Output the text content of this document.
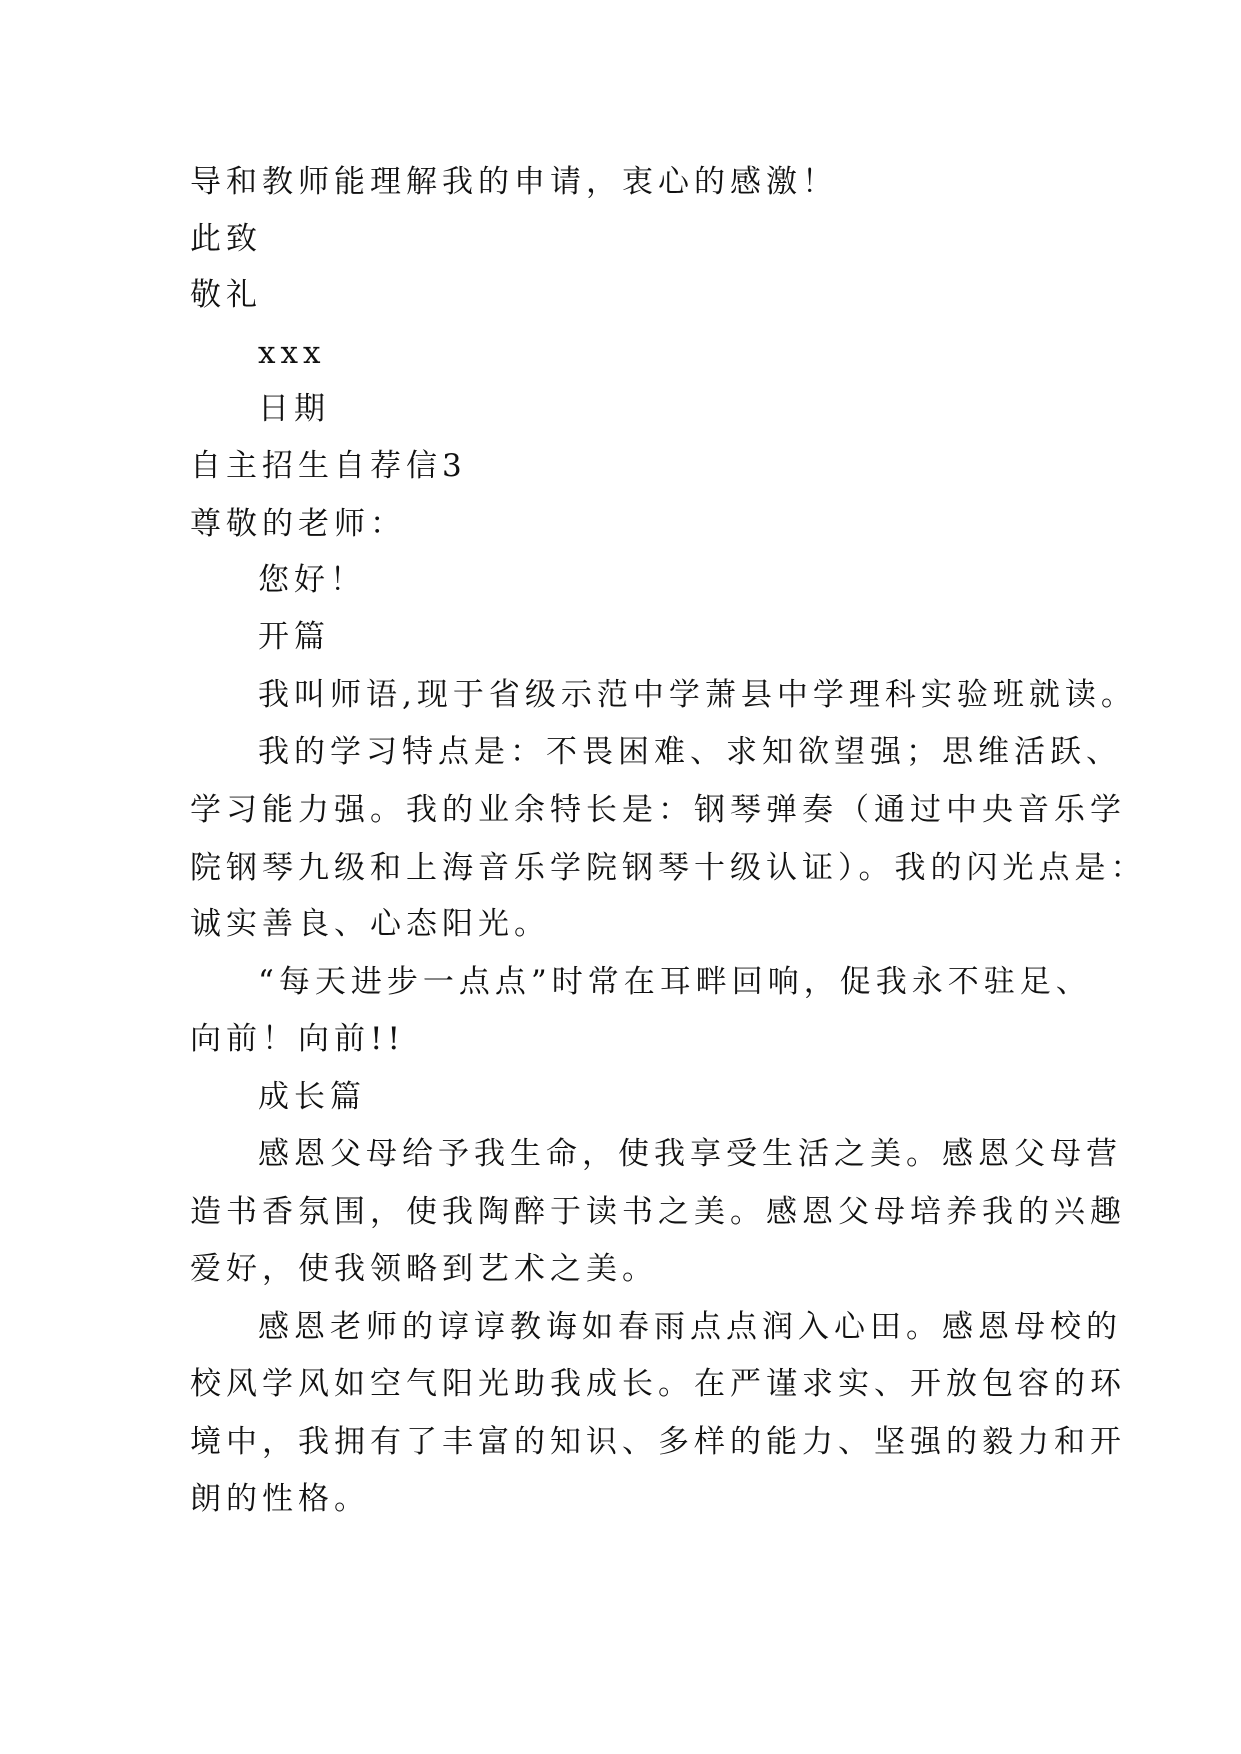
导和教师能理解我的申请，衷心的感激！
此致
敬礼
xxx
日期
自主招生自荐信3
尊敬的老师：
您好！
开篇
我叫师语,现于省级示范中学萧县中学理科实验班就读。
我的学习特点是：不畏困难、求知欲望强；思维活跃、
学习能力强。我的业余特长是：钢琴弹奏（通过中央音乐学
院钢琴九级和上海音乐学院钢琴十级认证）。我的闪光点是：
诚实善良、心态阳光。
“每天进步一点点”时常在耳畔回响，促我永不驻足、
向前！向前!!
成长篇
感恩父母给予我生命，使我享受生活之美。感恩父母营
造书香氛围，使我陶醉于读书之美。感恩父母培养我的兴趣
爱好，使我领略到艺术之美。
感恩老师的谆谆教诲如春雨点点润入心田。感恩母校的
校风学风如空气阳光助我成长。在严谨求实、开放包容的环
境中，我拥有了丰富的知识、多样的能力、坚强的毅力和开
朗的性格。
